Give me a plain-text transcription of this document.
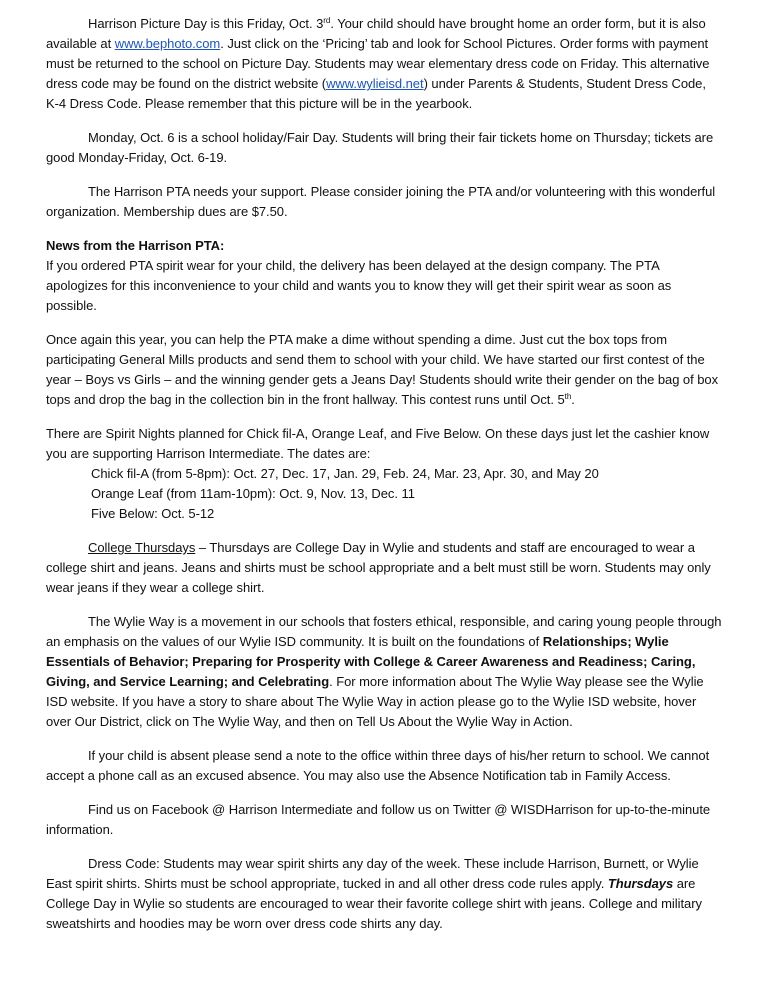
Harrison Picture Day is this Friday, Oct. 3rd. Your child should have brought home an order form, but it is also available at www.bephoto.com. Just click on the ‘Pricing’ tab and look for School Pictures. Order forms with payment must be returned to the school on Picture Day. Students may wear elementary dress code on Friday. This alternative dress code may be found on the district website (www.wylieisd.net) under Parents & Students, Student Dress Code, K-4 Dress Code. Please remember that this picture will be in the yearbook.

Monday, Oct. 6 is a school holiday/Fair Day. Students will bring their fair tickets home on Thursday; tickets are good Monday-Friday, Oct. 6-19.

The Harrison PTA needs your support. Please consider joining the PTA and/or volunteering with this wonderful organization. Membership dues are $7.50.

News from the Harrison PTA:
If you ordered PTA spirit wear for your child, the delivery has been delayed at the design company. The PTA apologizes for this inconvenience to your child and wants you to know they will get their spirit wear as soon as possible.

Once again this year, you can help the PTA make a dime without spending a dime. Just cut the box tops from participating General Mills products and send them to school with your child. We have started our first contest of the year – Boys vs Girls – and the winning gender gets a Jeans Day! Students should write their gender on the bag of box tops and drop the bag in the collection bin in the front hallway. This contest runs until Oct. 5th.

There are Spirit Nights planned for Chick fil-A, Orange Leaf, and Five Below. On these days just let the cashier know you are supporting Harrison Intermediate. The dates are:
Chick fil-A (from 5-8pm): Oct. 27, Dec. 17, Jan. 29, Feb. 24, Mar. 23, Apr. 30, and May 20
Orange Leaf (from 11am-10pm): Oct. 9, Nov. 13, Dec. 11
Five Below: Oct. 5-12

College Thursdays – Thursdays are College Day in Wylie and students and staff are encouraged to wear a college shirt and jeans. Jeans and shirts must be school appropriate and a belt must still be worn. Students may only wear jeans if they wear a college shirt.

The Wylie Way is a movement in our schools that fosters ethical, responsible, and caring young people through an emphasis on the values of our Wylie ISD community. It is built on the foundations of Relationships; Wylie Essentials of Behavior; Preparing for Prosperity with College & Career Awareness and Readiness; Caring, Giving, and Service Learning; and Celebrating. For more information about The Wylie Way please see the Wylie ISD website. If you have a story to share about The Wylie Way in action please go to the Wylie ISD website, hover over Our District, click on The Wylie Way, and then on Tell Us About the Wylie Way in Action.

If your child is absent please send a note to the office within three days of his/her return to school. We cannot accept a phone call as an excused absence. You may also use the Absence Notification tab in Family Access.

Find us on Facebook @ Harrison Intermediate and follow us on Twitter @ WISDHarrison for up-to-the-minute information.

Dress Code: Students may wear spirit shirts any day of the week. These include Harrison, Burnett, or Wylie East spirit shirts. Shirts must be school appropriate, tucked in and all other dress code rules apply. Thursdays are College Day in Wylie so students are encouraged to wear their favorite college shirt with jeans. College and military sweatshirts and hoodies may be worn over dress code shirts any day.
